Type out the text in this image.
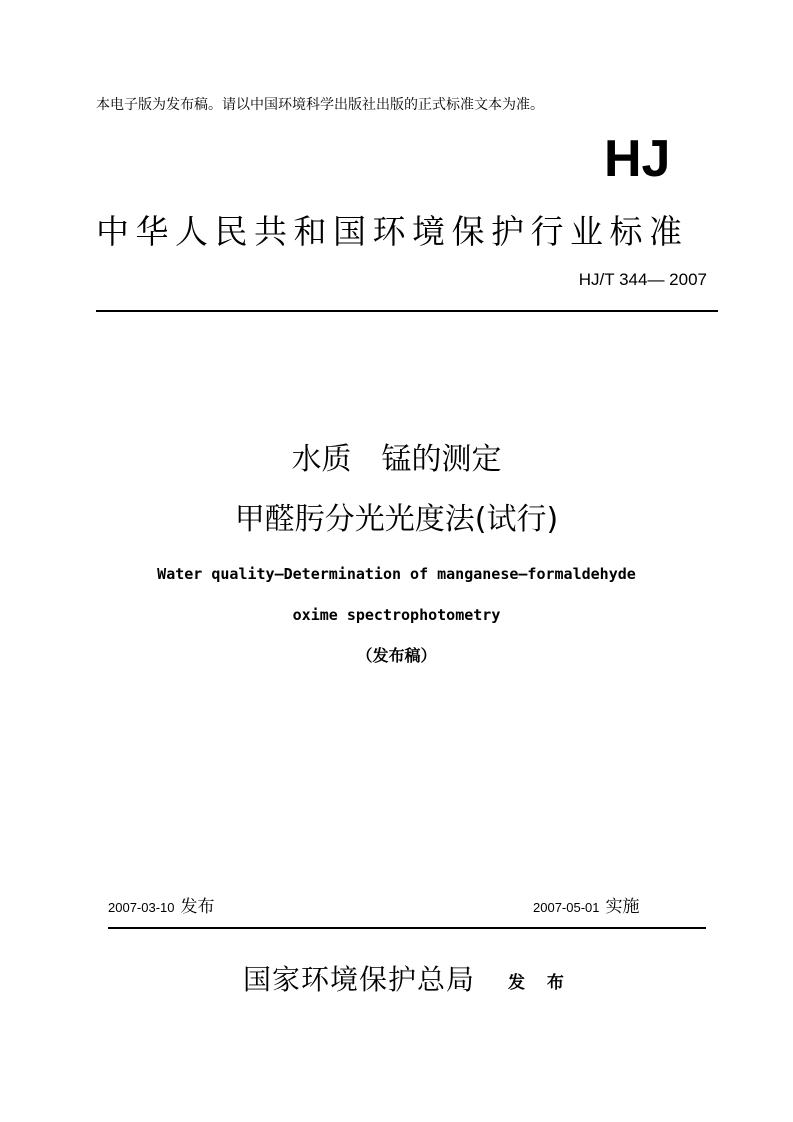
本电子版为发布稿。请以中国环境科学出版社出版的正式标准文本为准。
HJ
中华人民共和国环境保护行业标准
HJ/T 344— 2007
水质 锰的测定
甲醛肟分光光度法(试行)
Water quality—Determination of manganese—formaldehyde
oxime spectrophotometry
（发布稿）
2007-03-10 发布	2007-05-01 实施
国家环境保护总局 发 布
